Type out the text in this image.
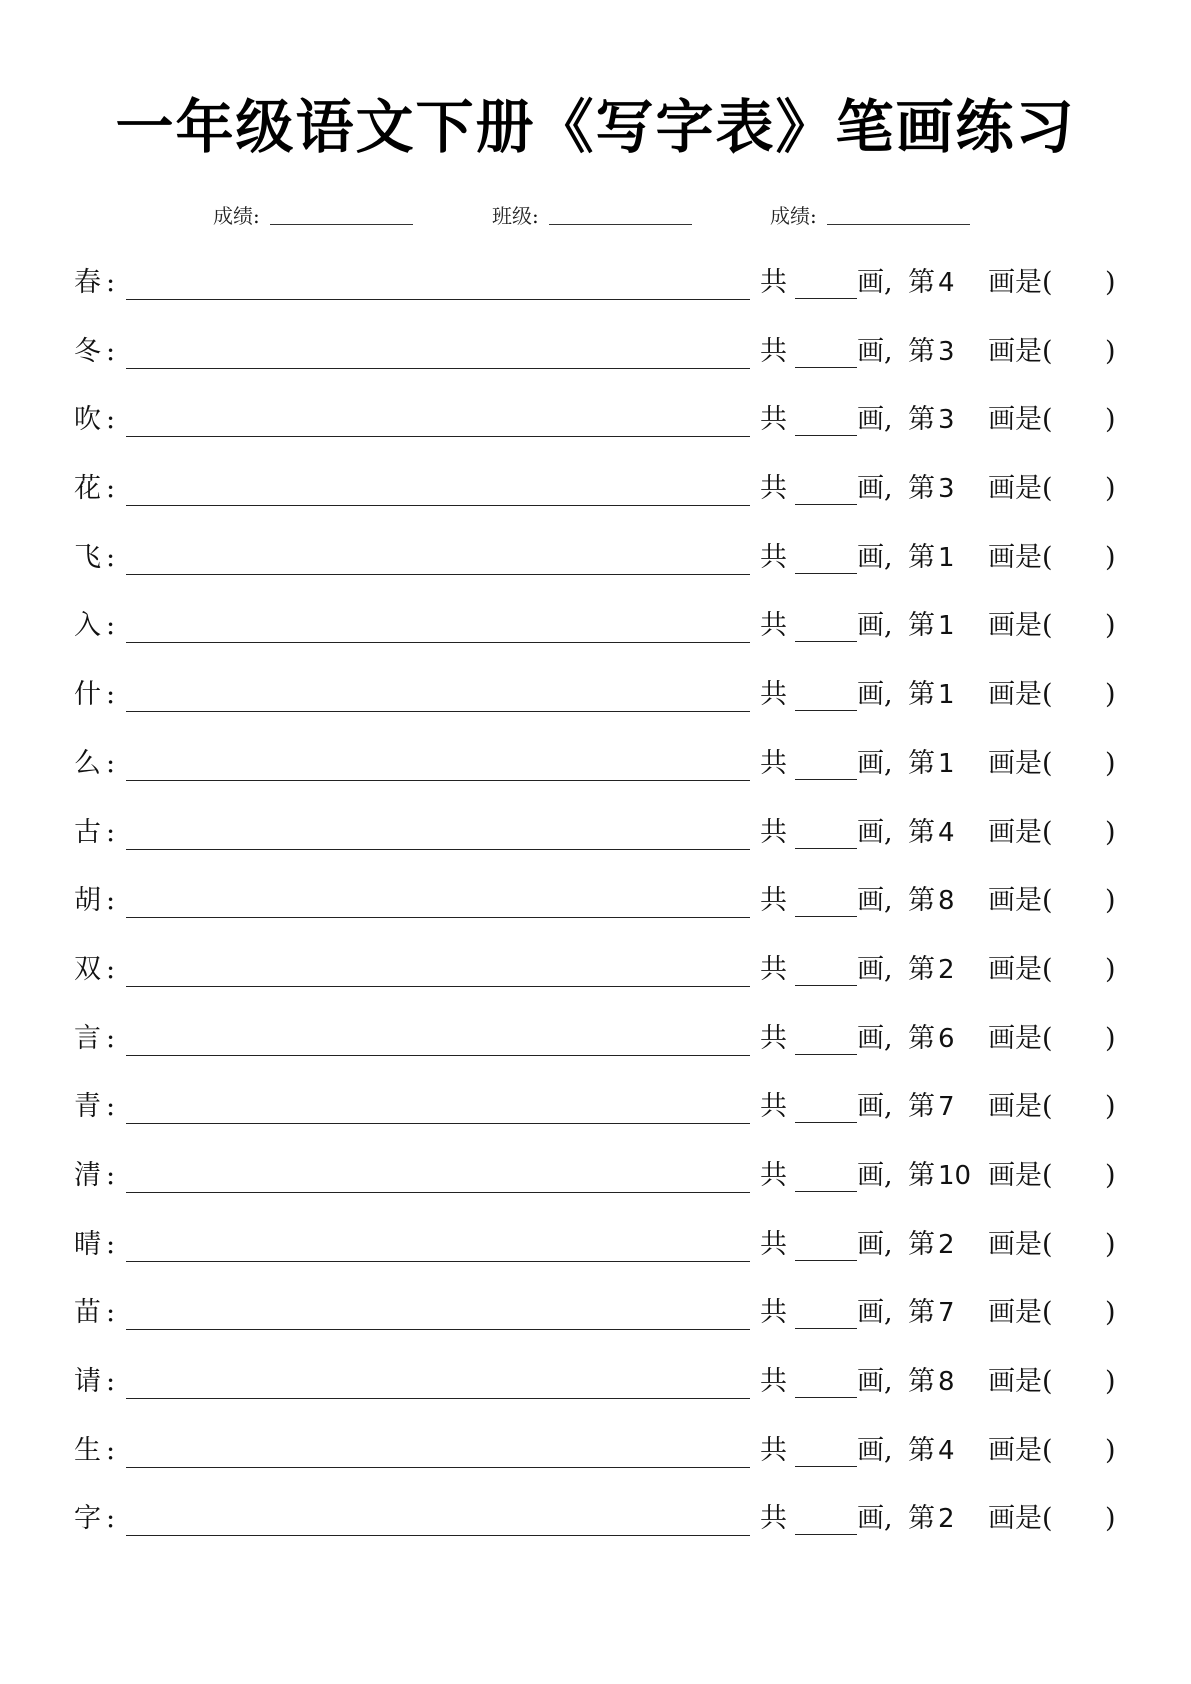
一年级语文下册《写字表》笔画练习
成绩 :	班级 :	成绩 :
春 :	共	画, 第 4 画是( )
冬 :	共	画, 第 3 画是( )
吹 :	共	画, 第 3 画是( )
花 :	共	画, 第 3 画是( )
飞 :	共	画, 第 1 画是( )
入 :	共	画, 第 1 画是( )
什 :	共	画, 第 1 画是( )
么 :	共	画, 第 1 画是( )
古 :	共	画, 第 4 画是( )
胡 :	共	画, 第 8 画是( )
双 :	共	画, 第 2 画是( )
言 :	共	画, 第 6 画是( )
青 :	共	画, 第 7 画是( )
清 :	共	画, 第 10 画是( )
晴 :	共	画, 第 2 画是( )
苗 :	共	画, 第 7 画是( )
请 :	共	画, 第 8 画是( )
生 :	共	画, 第 4 画是( )
字 :	共	画, 第 2 画是( )
